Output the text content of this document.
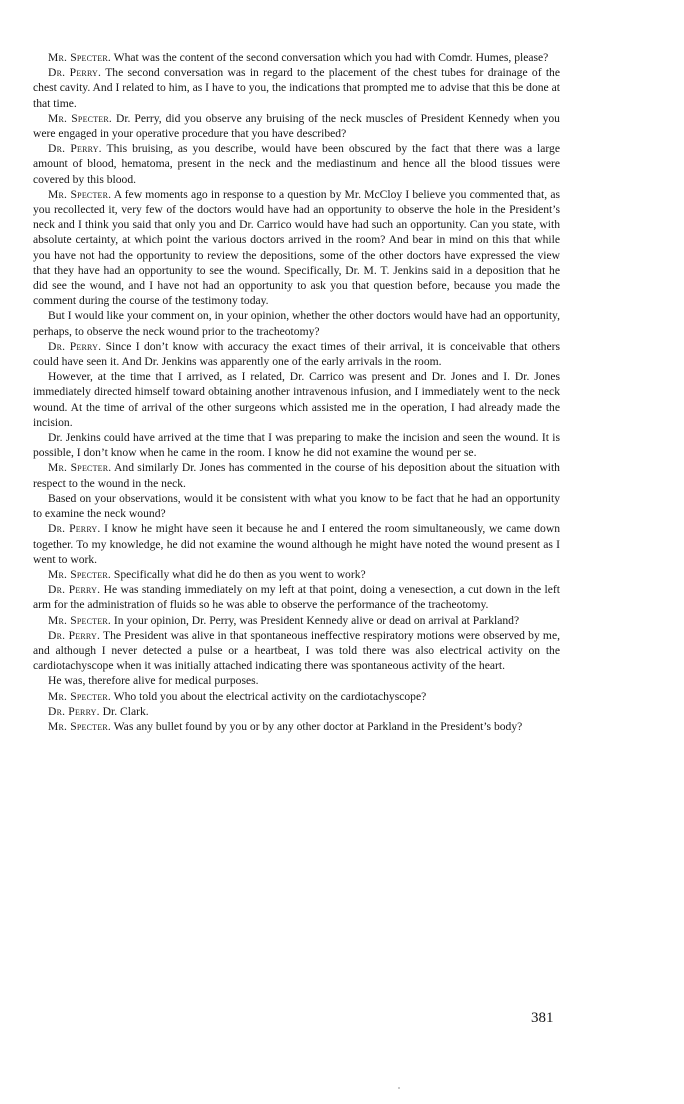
Mr. Specter. What was the content of the second conversation which you had with Comdr. Humes, please?

Dr. Perry. The second conversation was in regard to the placement of the chest tubes for drainage of the chest cavity. And I related to him, as I have to you, the indications that prompted me to advise that this be done at that time.

Mr. Specter. Dr. Perry, did you observe any bruising of the neck muscles of President Kennedy when you were engaged in your operative procedure that you have described?

Dr. Perry. This bruising, as you describe, would have been obscured by the fact that there was a large amount of blood, hematoma, present in the neck and the mediastinum and hence all the blood tissues were covered by this blood.

Mr. Specter. A few moments ago in response to a question by Mr. McCloy I believe you commented that, as you recollected it, very few of the doctors would have had an opportunity to observe the hole in the President’s neck and I think you said that only you and Dr. Carrico would have had such an opportunity. Can you state, with absolute certainty, at which point the various doctors arrived in the room? And bear in mind on this that while you have not had the opportunity to review the depositions, some of the other doctors have expressed the view that they have had an opportunity to see the wound. Specifically, Dr. M. T. Jenkins said in a deposition that he did see the wound, and I have not had an opportunity to ask you that question before, because you made the comment during the course of the testimony today.

But I would like your comment on, in your opinion, whether the other doctors would have had an opportunity, perhaps, to observe the neck wound prior to the tracheotomy?

Dr. Perry. Since I don’t know with accuracy the exact times of their arrival, it is conceivable that others could have seen it. And Dr. Jenkins was apparently one of the early arrivals in the room.

However, at the time that I arrived, as I related, Dr. Carrico was present and Dr. Jones and I. Dr. Jones immediately directed himself toward obtaining another intravenous infusion, and I immediately went to the neck wound. At the time of arrival of the other surgeons which assisted me in the operation, I had already made the incision.

Dr. Jenkins could have arrived at the time that I was preparing to make the incision and seen the wound. It is possible, I don’t know when he came in the room. I know he did not examine the wound per se.

Mr. Specter. And similarly Dr. Jones has commented in the course of his deposition about the situation with respect to the wound in the neck.

Based on your observations, would it be consistent with what you know to be fact that he had an opportunity to examine the neck wound?

Dr. Perry. I know he might have seen it because he and I entered the room simultaneously, we came down together. To my knowledge, he did not examine the wound although he might have noted the wound present as I went to work.

Mr. Specter. Specifically what did he do then as you went to work?

Dr. Perry. He was standing immediately on my left at that point, doing a venesection, a cut down in the left arm for the administration of fluids so he was able to observe the performance of the tracheotomy.

Mr. Specter. In your opinion, Dr. Perry, was President Kennedy alive or dead on arrival at Parkland?

Dr. Perry. The President was alive in that spontaneous ineffective respiratory motions were observed by me, and although I never detected a pulse or a heartbeat, I was told there was also electrical activity on the cardiotachyscope when it was initially attached indicating there was spontaneous activity of the heart.

He was, therefore alive for medical purposes.

Mr. Specter. Who told you about the electrical activity on the cardiotachyscope?

Dr. Perry. Dr. Clark.

Mr. Specter. Was any bullet found by you or by any other doctor at Parkland in the President’s body?

381
